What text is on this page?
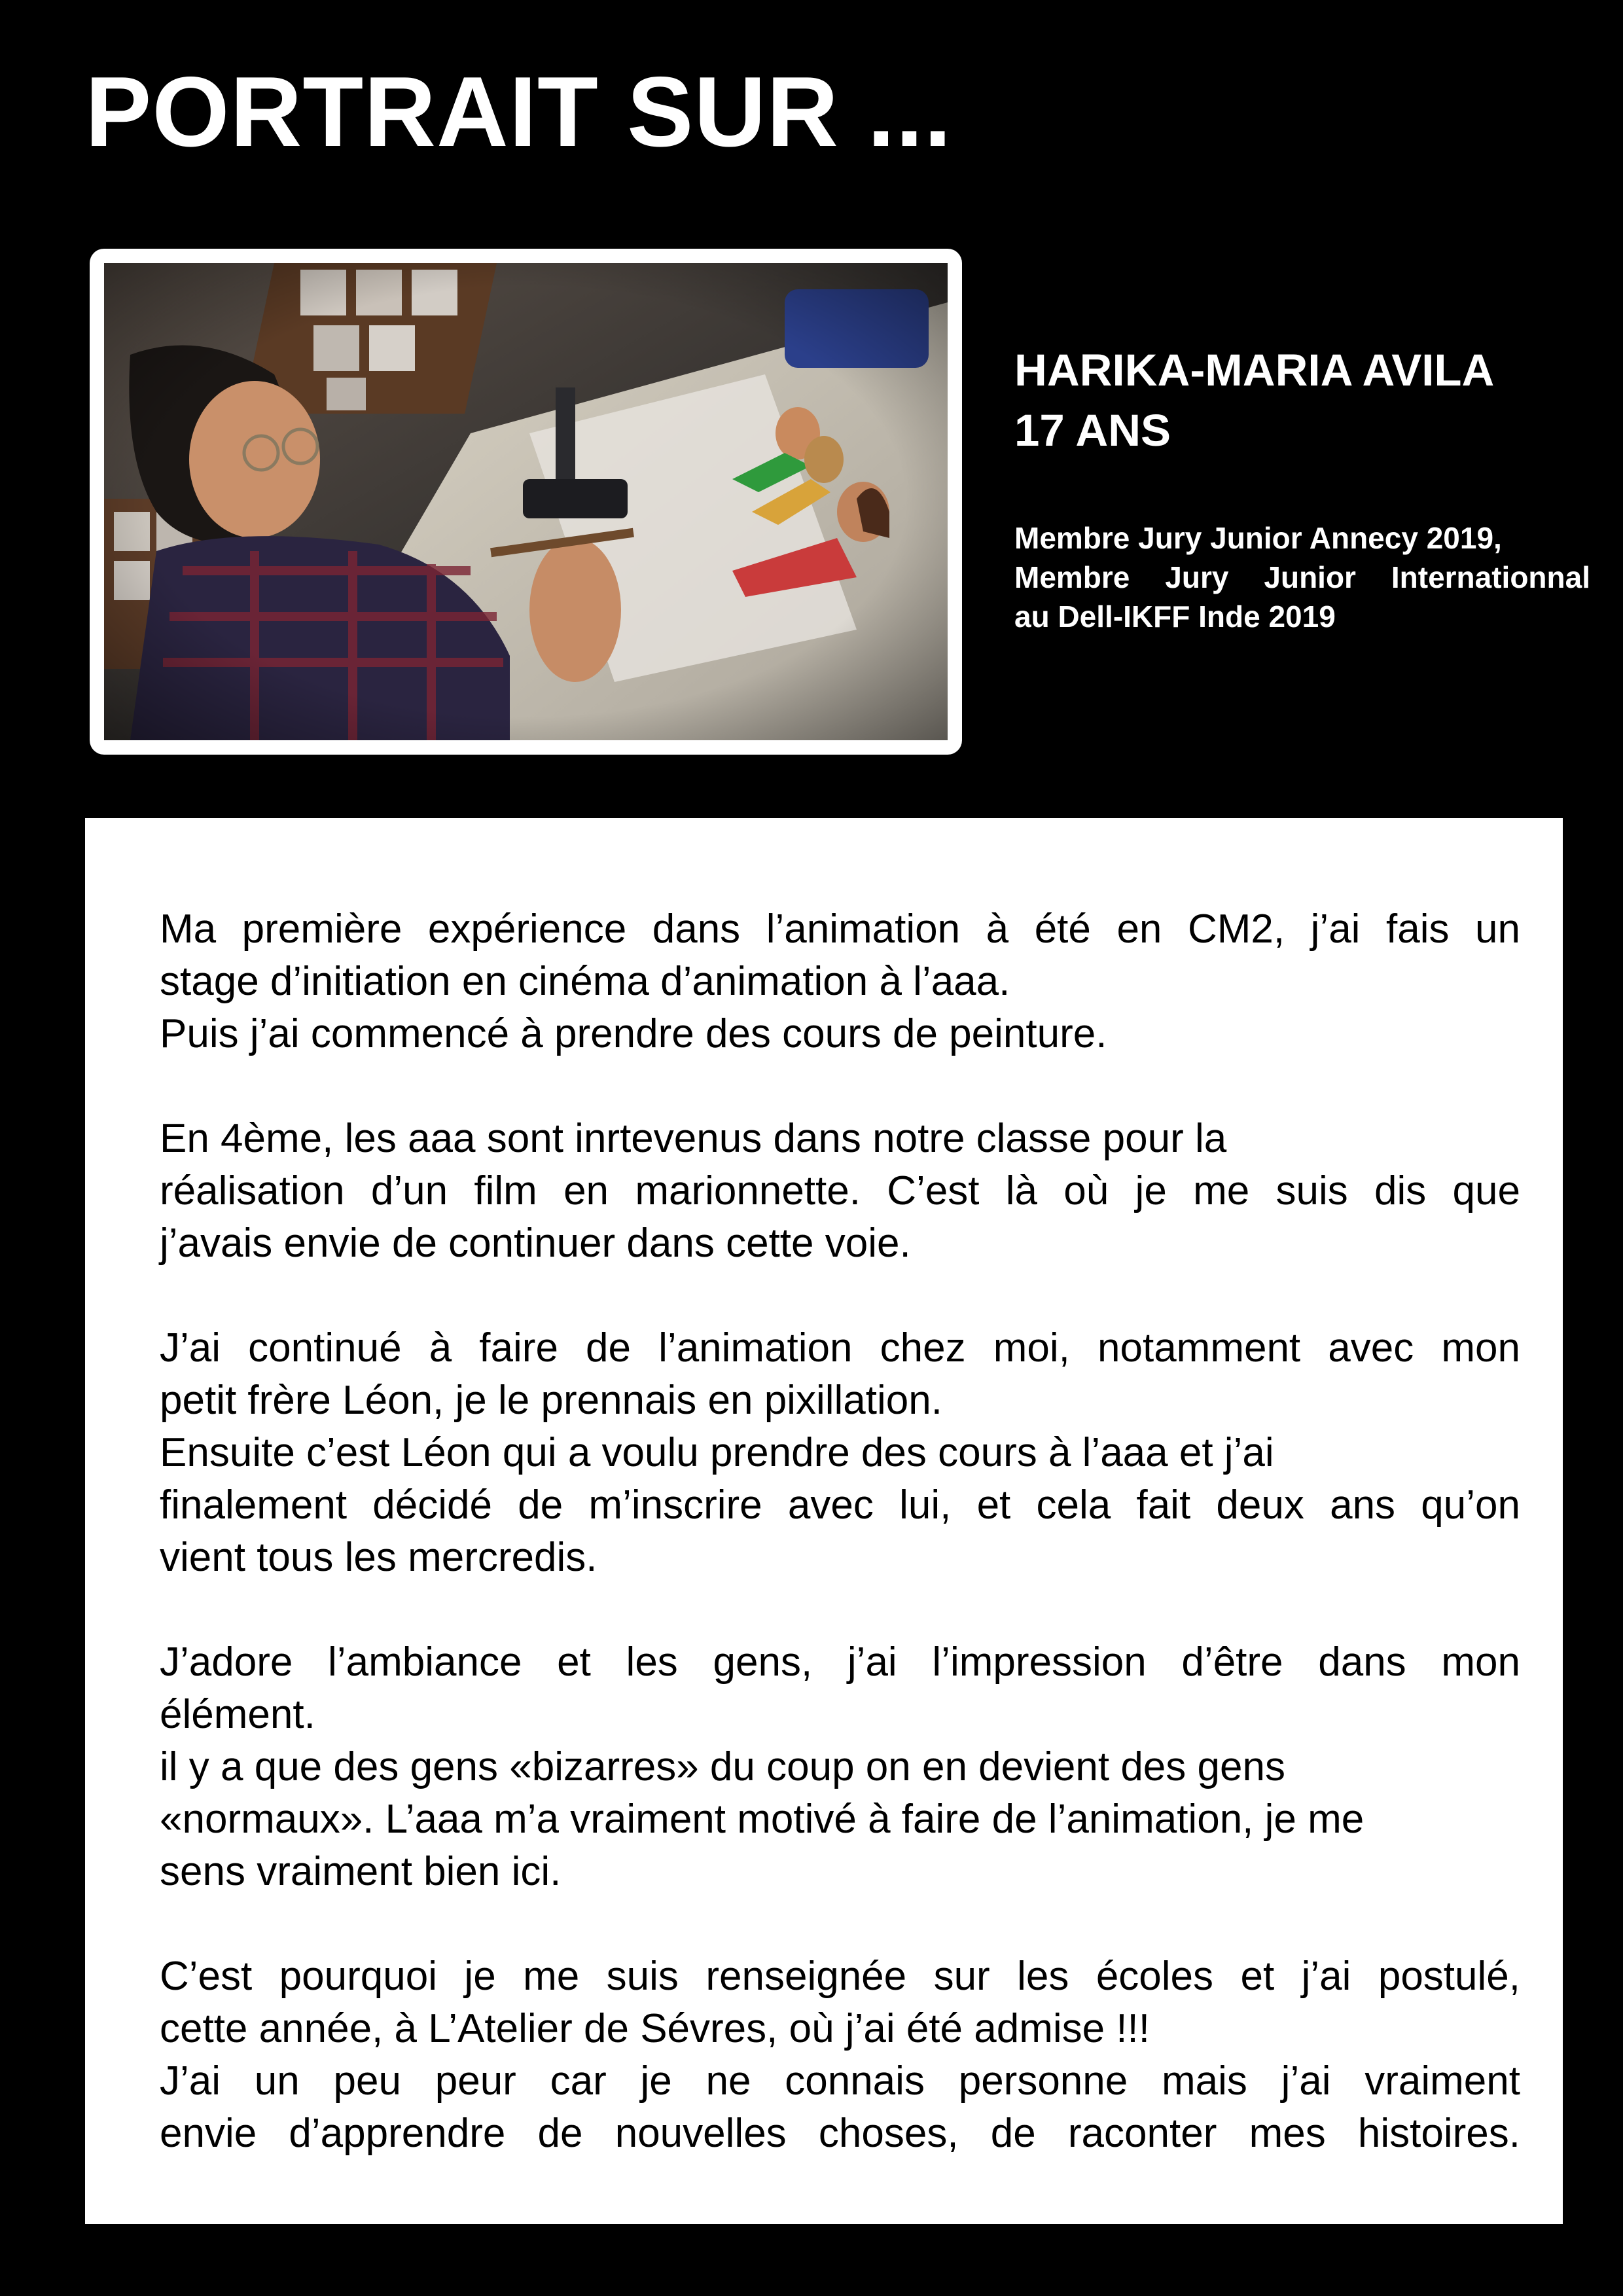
PORTRAIT SUR ...
HARIKA-MARIA AVILA
17 ANS
Membre Jury Junior Annecy 2019,
Membre Jury Junior Internationnal
au Dell-IKFF Inde 2019

Ma première expérience dans l’animation à été en CM2, j’ai fais un
stage d’initiation en cinéma d’animation à l’aaa.
Puis j’ai commencé à prendre des cours de peinture.

En 4ème, les aaa sont inrtevenus dans notre classe pour la
réalisation d’un film en marionnette. C’est là où je me suis dis que
j’avais envie de continuer dans cette voie.

J’ai continué à faire de l’animation chez moi, notamment avec mon
petit frère Léon, je le prennais en pixillation.
Ensuite c’est Léon qui a voulu prendre des cours à l’aaa et j’ai
finalement décidé de m’inscrire avec lui, et cela fait deux ans qu’on
vient tous les mercredis.

J’adore l’ambiance et les gens, j’ai l’impression d’être dans mon
élément.
il y a que des gens «bizarres» du coup on en devient des gens
«normaux». L’aaa m’a vraiment motivé à faire de l’animation, je me
sens vraiment bien ici.

C’est pourquoi je me suis renseignée sur les écoles et j’ai postulé,
cette année, à L’Atelier de Sévres, où j’ai été admise !!!
J’ai un peu peur car je ne connais personne mais j’ai vraiment
envie d’apprendre de nouvelles choses, de raconter mes histoires.
